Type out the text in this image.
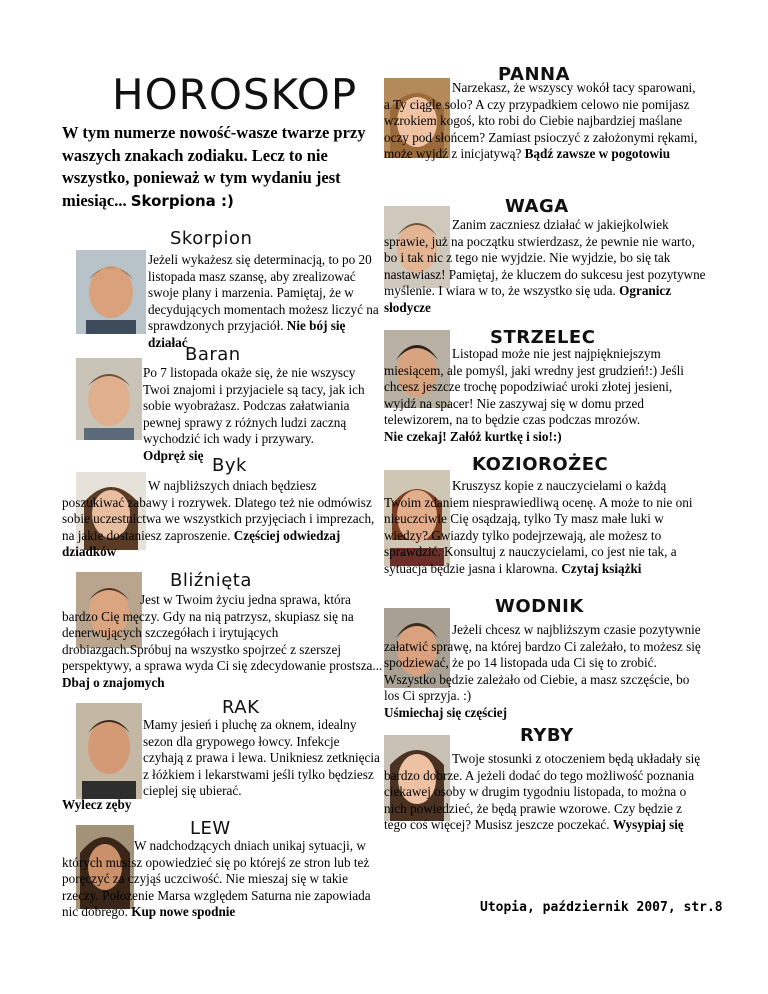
HOROSKOP
W tym numerze nowość-wasze twarze przy waszych znakach zodiaku. Lecz to nie wszystko, ponieważ w tym wydaniu jest miesiąc... Skorpiona :)
Skorpion
Jeżeli wykażesz się determinacją, to po 20 listopada masz szansę, aby zrealizować swoje plany i marzenia. Pamiętaj, że w decydujących momentach możesz liczyć na sprawdzonych przyjaciół. Nie bój się działać
Baran
Po 7 listopada okaże się, że nie wszyscy Twoi znajomi i przyjaciele są tacy, jak ich sobie wyobrażasz. Podczas załatwiania pewnej sprawy z różnych ludzi zaczną wychodzić ich wady i przywary.
Odpręż się Byk
W najbliższych dniach będziesz poszukiwać zabawy i rozrywek. Dlatego też nie odmówisz sobie uczestnictwa we wszystkich przyjęciach i imprezach, na jakie dostaniesz zaproszenie. Częściej odwiedzaj dziadków
Bliźnięta
Jest w Twoim życiu jedna sprawa, która bardzo Cię męczy. Gdy na nią patrzysz, skupiasz się na denerwujących szczegółach i irytujących drobiazgach.Spróbuj na wszystko spojrzeć z szerszej perspektywy, a sprawa wyda Ci się zdecydowanie prostsza... Dbaj o znajomych
RAK
Mamy jesień i pluchę za oknem, idealny sezon dla grypowego łowcy. Infekcje czyhają z prawa i lewa. Unikniesz zetknięcia z łóżkiem i lekarstwami jeśli tylko będziesz cieplej się ubierać.
Wylecz zęby
LEW
W nadchodzących dniach unikaj sytuacji, w których musisz opowiedzieć się po którejś ze stron lub też poręczyć za czyjąś uczciwość. Nie mieszaj się w takie rzeczy. Położenie Marsa względem Saturna nie zapowiada nic dobrego. Kup nowe spodnie
PANNA
Narzekasz, że wszyscy wokół tacy sparowani, a Ty ciągle solo? A czy przypadkiem celowo nie pomijasz wzrokiem kogoś, kto robi do Ciebie najbardziej maślane oczy pod słońcem? Zamiast psioczyć z założonymi rękami, może wyjdź z inicjatywą? Bądź zawsze w pogotowiu
WAGA
Zanim zaczniesz działać w jakiejkolwiek sprawie, już na początku stwierdzasz, że pewnie nie warto, bo i tak nic z tego nie wyjdzie. Nie wyjdzie, bo się tak nastawiasz! Pamiętaj, że kluczem do sukcesu jest pozytywne myślenie. I wiara w to, że wszystko się uda. Ogranicz słodycze
STRZELEC
Listopad może nie jest najpiękniejszym miesiącem, ale pomyśl, jaki wredny jest grudzień!:) Jeśli chcesz jeszcze trochę popodziwiać uroki złotej jesieni, wyjdź na spacer! Nie zaszywaj się w domu przed telewizorem, na to będzie czas podczas mrozów.
Nie czekaj! Załóż kurtkę i sio!:)
KOZIOROŻEC
Kruszysz kopie z nauczycielami o każdą Twoim zdaniem niesprawiedliwą ocenę. A może to nie oni nieuczciwie Cię osądzają, tylko Ty masz małe luki w wiedzy? Gwiazdy tylko podejrzewają, ale możesz to sprawdzić. Konsultuj z nauczycielami, co jest nie tak, a sytuacja będzie jasna i klarowna. Czytaj książki
WODNIK
Jeżeli chcesz w najbliższym czasie pozytywnie załatwić sprawę, na której bardzo Ci zależało, to możesz się spodziewać, że po 14 listopada uda Ci się to zrobić. Wszystko będzie zależało od Ciebie, a masz szczęście, bo los Ci sprzyja. :)
Uśmiechaj się częściej
RYBY
Twoje stosunki z otoczeniem będą układały się bardzo dobrze. A jeżeli dodać do tego możliwość poznania ciekawej osoby w drugim tygodniu listopada, to można o nich powiedzieć, że będą prawie wzorowe. Czy będzie z tego coś więcej? Musisz jeszcze poczekać. Wysypiaj się
Utopia, październik 2007, str.8
